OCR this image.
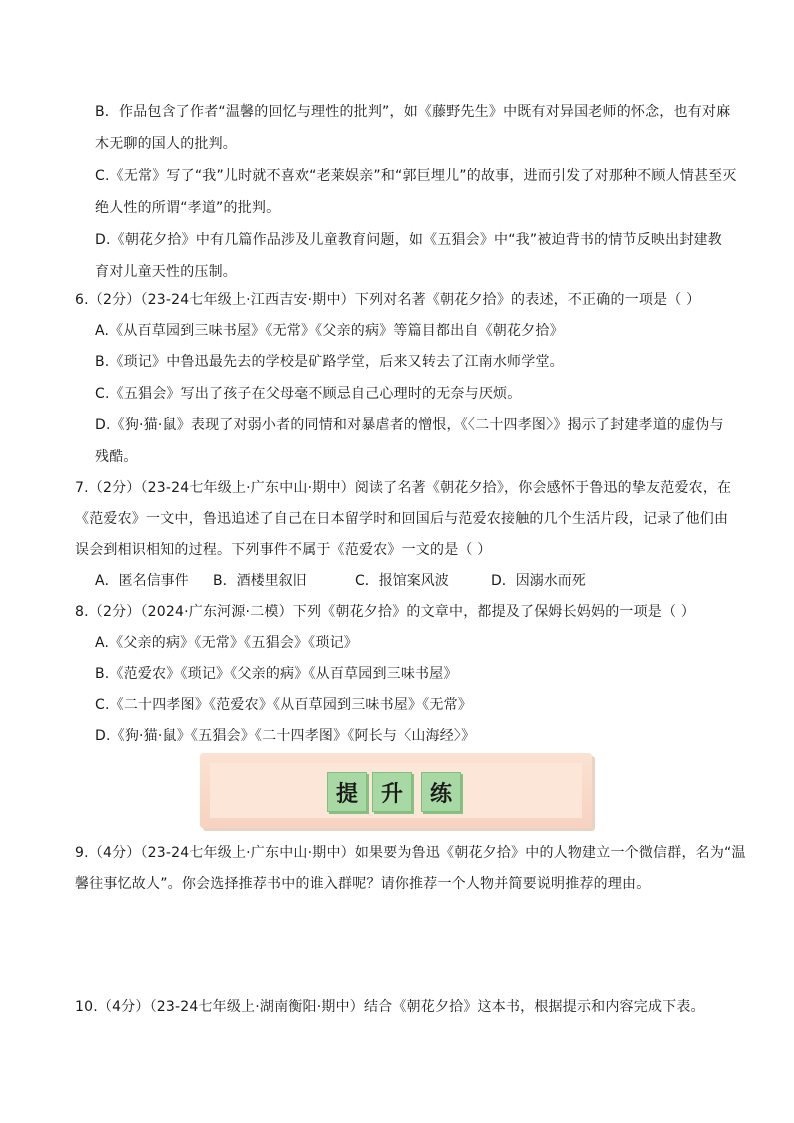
B．作品包含了作者“温馨的回忆与理性的批判”，如《藤野先生》中既有对异国老师的怀念，也有对麻
木无聊的国人的批判。
C.《无常》写了“我”儿时就不喜欢“老莱娱亲”和“郭巨埋儿”的故事，进而引发了对那种不顾人情甚至灭
绝人性的所谓“孝道”的批判。
D.《朝花夕拾》中有几篇作品涉及儿童教育问题，如《五猖会》中“我”被迫背书的情节反映出封建教
育对儿童天性的压制。
6.（2分）（23-24七年级上·江西吉安·期中）下列对名著《朝花夕拾》的表述，不正确的一项是（ ）
A.《从百草园到三味书屋》《无常》《父亲的病》等篇目都出自《朝花夕拾》
B.《琐记》中鲁迅最先去的学校是矿路学堂，后来又转去了江南水师学堂。
C.《五猖会》写出了孩子在父母毫不顾忌自己心理时的无奈与厌烦。
D.《狗·猫·鼠》表现了对弱小者的同情和对暴虐者的憎恨，《〈二十四孝图〉》揭示了封建孝道的虚伪与
残酷。
7.（2分）（23-24七年级上·广东中山·期中）阅读了名著《朝花夕拾》，你会感怀于鲁迅的挚友范爱农，在
《范爱农》一文中，鲁迅追述了自己在日本留学时和回国后与范爱农接触的几个生活片段，记录了他们由
误会到相识相知的过程。下列事件不属于《范爱农》一文的是（ ）
8.（2分）（2024·广东河源·二模）下列《朝花夕拾》的文章中，都提及了保姆长妈妈的一项是（ ）
A.《父亲的病》《无常》《五猖会》《琐记》
B.《范爱农》《琐记》《父亲的病》《从百草园到三味书屋》
C.《二十四孝图》《范爱农》《从百草园到三味书屋》《无常》
D.《狗·猫·鼠》《五猖会》《二十四孝图》《阿长与〈山海经〉》
9.（4分）（23-24七年级上·广东中山·期中）如果要为鲁迅《朝花夕拾》中的人物建立一个微信群，名为“温
馨往事忆故人”。你会选择推荐书中的谁入群呢？请你推荐一个人物并简要说明推荐的理由。
10.（4分）（23-24七年级上·湖南衡阳·期中）结合《朝花夕拾》这本书，根据提示和内容完成下表。
A．匿名信事件 B．酒楼里叙旧	C．报馆案风波	D．因溺水而死
提	升	练
